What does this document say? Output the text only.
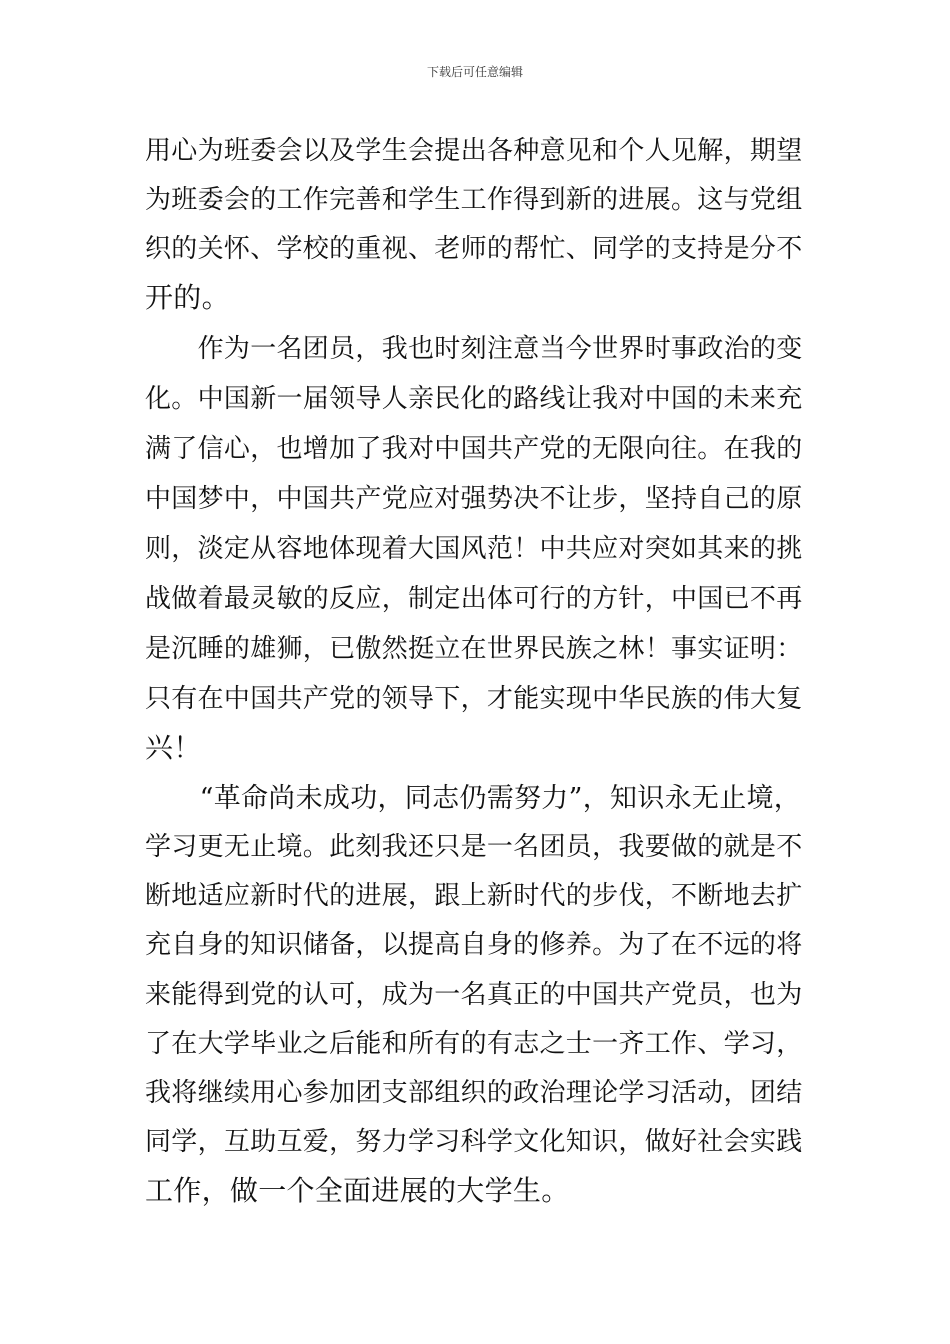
下载后可任意编辑
用心为班委会以及学生会提出各种意见和个人见解，期望
为班委会的工作完善和学生工作得到新的进展。这与党组
织的关怀、学校的重视、老师的帮忙、同学的支持是分不
开的。
　　作为一名团员，我也时刻注意当今世界时事政治的变
化。中国新一届领导人亲民化的路线让我对中国的未来充
满了信心，也增加了我对中国共产党的无限向往。在我的
中国梦中，中国共产党应对强势决不让步，坚持自己的原
则，淡定从容地体现着大国风范！中共应对突如其来的挑
战做着最灵敏的反应，制定出体可行的方针，中国已不再
是沉睡的雄狮，已傲然挺立在世界民族之林！事实证明：
只有在中国共产党的领导下，才能实现中华民族的伟大复
兴！
　　“革命尚未成功，同志仍需努力”，知识永无止境，
学习更无止境。此刻我还只是一名团员，我要做的就是不
断地适应新时代的进展，跟上新时代的步伐，不断地去扩
充自身的知识储备，以提高自身的修养。为了在不远的将
来能得到党的认可，成为一名真正的中国共产党员，也为
了在大学毕业之后能和所有的有志之士一齐工作、学习，
我将继续用心参加团支部组织的政治理论学习活动，团结
同学，互助互爱，努力学习科学文化知识，做好社会实践
工作，做一个全面进展的大学生。
